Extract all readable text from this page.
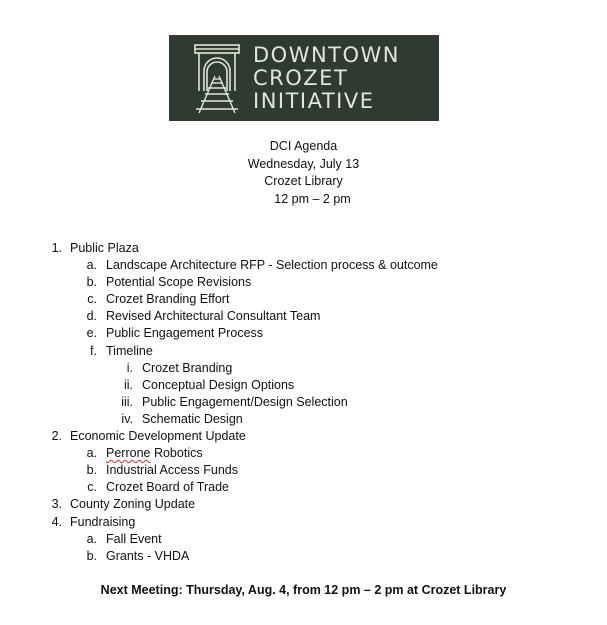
DOWNTOWN
CROZET
INITIATIVE
DCI Agenda
Wednesday, July 13
Crozet Library
12 pm – 2 pm
1. Public Plaza
a. Landscape Architecture RFP - Selection process & outcome
b. Potential Scope Revisions
c. Crozet Branding Effort
d. Revised Architectural Consultant Team
e. Public Engagement Process
f. Timeline
i. Crozet Branding
ii. Conceptual Design Options
iii. Public Engagement/Design Selection
iv. Schematic Design
2. Economic Development Update
a. Perrone Robotics
b. Industrial Access Funds
c. Crozet Board of Trade
3. County Zoning Update
4. Fundraising
a. Fall Event
b. Grants - VHDA
Next Meeting: Thursday, Aug. 4, from 12 pm – 2 pm at Crozet Library
